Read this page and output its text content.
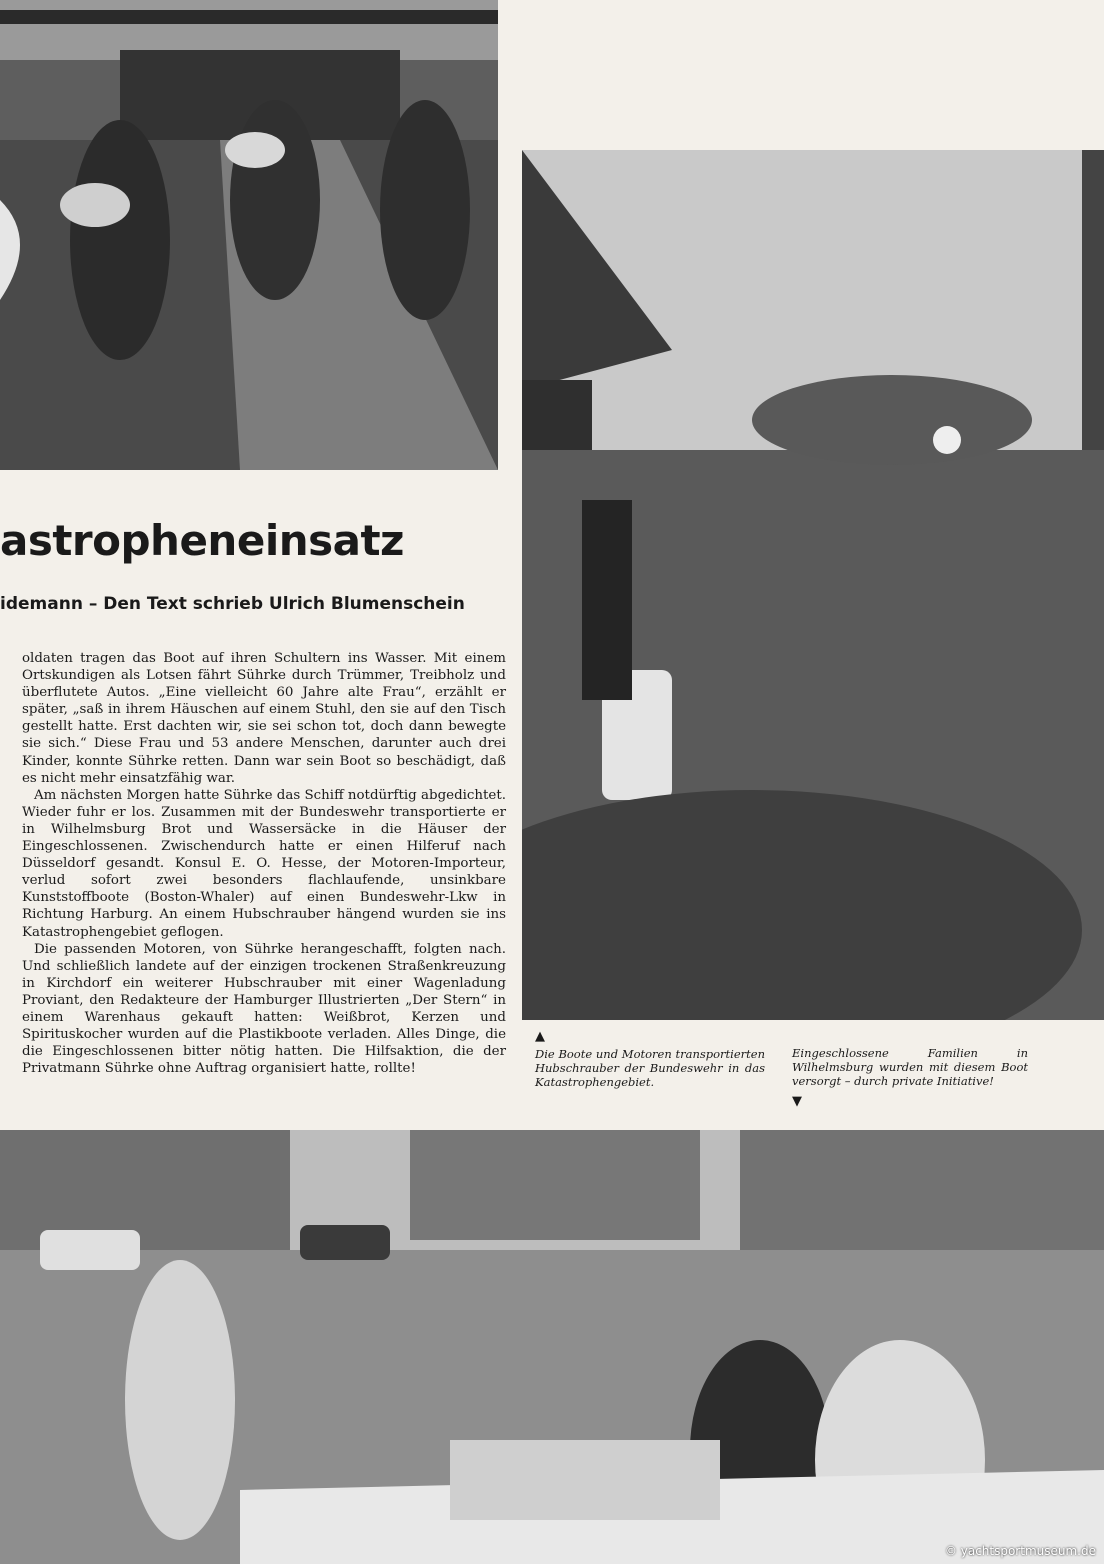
astropheneinsatz
idemann – Den Text schrieb Ulrich Blumenschein

oldaten tragen das Boot auf ihren Schultern ins Wasser. Mit einem Ortskundigen als Lotsen fährt Sührke durch Trümmer, Treibholz und überflutete Autos. „Eine vielleicht 60 Jahre alte Frau“, erzählt er später, „saß in ihrem Häuschen auf einem Stuhl, den sie auf den Tisch gestellt hatte. Erst dachten wir, sie sei schon tot, doch dann bewegte sie sich.“ Diese Frau und 53 andere Menschen, darunter auch drei Kinder, konnte Sührke retten. Dann war sein Boot so beschädigt, daß es nicht mehr einsatzfähig war.

Am nächsten Morgen hatte Sührke das Schiff notdürftig abgedichtet. Wieder fuhr er los. Zusammen mit der Bundeswehr transportierte er in Wilhelmsburg Brot und Wassersäcke in die Häuser der Eingeschlossenen. Zwischendurch hatte er einen Hilferuf nach Düsseldorf gesandt. Konsul E. O. Hesse, der Motoren-Importeur, verlud sofort zwei besonders flachlaufende, unsinkbare Kunststoffboote (Boston-Whaler) auf einen Bundeswehr-Lkw in Richtung Harburg. An einem Hubschrauber hängend wurden sie ins Katastrophengebiet geflogen.

Die passenden Motoren, von Sührke herangeschafft, folgten nach. Und schließlich landete auf der einzigen trockenen Straßenkreuzung in Kirchdorf ein weiterer Hubschrauber mit einer Wagenladung Proviant, den Redakteure der Hamburger Illustrierten „Der Stern“ in einem Warenhaus gekauft hatten: Weißbrot, Kerzen und Spirituskocher wurden auf die Plastikboote verladen. Alles Dinge, die die Eingeschlossenen bitter nötig hatten. Die Hilfsaktion, die der Privatmann Sührke ohne Auftrag organisiert hatte, rollte!

▲
Die Boote und Motoren transportierten Hubschrauber der Bundeswehr in das Katastrophengebiet.
Eingeschlossene Familien in Wilhelmsburg wurden mit diesem Boot versorgt – durch private Initiative!
▼
© yachtsportmuseum.de
